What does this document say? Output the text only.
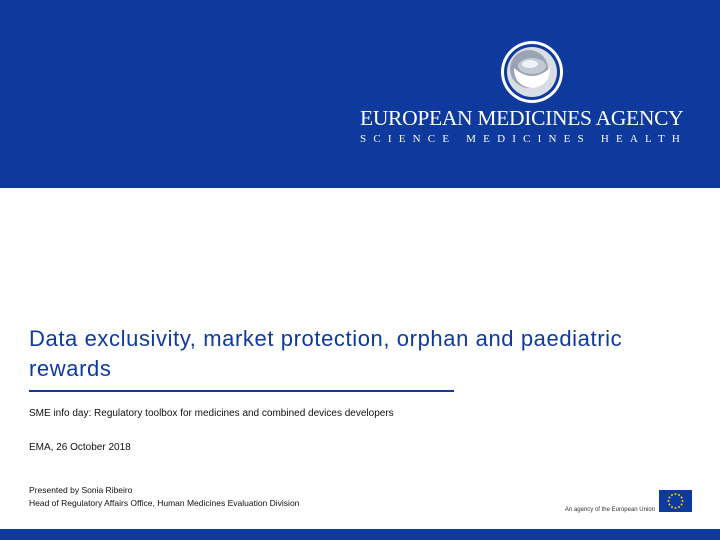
EUROPEAN MEDICINES AGENCY
SCIENCE MEDICINES HEALTH
Data exclusivity, market protection, orphan and paediatric rewards

SME info day: Regulatory toolbox for medicines and combined devices developers

EMA, 26 October 2018
Presented by Sonia Ribeiro
Head of Regulatory Affairs Office, Human Medicines Evaluation Division
An agency of the European Union
